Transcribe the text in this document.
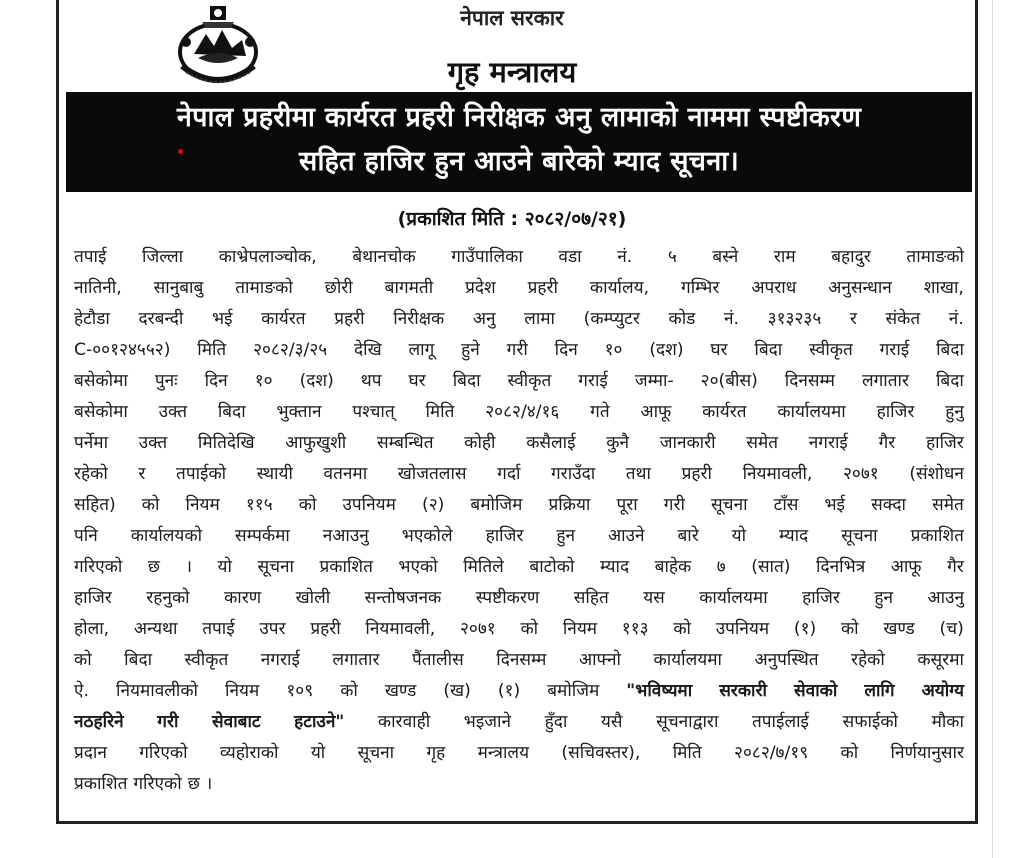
नेपाल सरकार
गृह मन्त्रालय
नेपाल प्रहरीमा कार्यरत प्रहरी निरीक्षक अनु लामाको नाममा स्पष्टीकरण
सहित हाजिर हुन आउने बारेको म्याद सूचना।
(प्रकाशित मिति : २०८२/०७/२१)
तपाई जिल्ला काभ्रेपलाञ्चोक, बेथानचोक गाउँपालिका वडा नं. ५ बस्ने राम बहादुर तामाङको
नातिनी, सानुबाबु तामाङको छोरी बागमती प्रदेश प्रहरी कार्यालय, गम्भिर अपराध अनुसन्धान शाखा,
हेटौडा दरबन्दी भई कार्यरत प्रहरी निरीक्षक अनु लामा (कम्प्युटर कोड नं. ३१३२३५ र संकेत नं.
C-००१२४५५२) मिति २०८२/३/२५ देखि लागू हुने गरी दिन १० (दश) घर बिदा स्वीकृत गराई बिदा
बसेकोमा पुनः दिन १० (दश) थप घर बिदा स्वीकृत गराई जम्मा- २०(बीस) दिनसम्म लगातार बिदा
बसेकोमा उक्त बिदा भुक्तान पश्चात् मिति २०८२/४/१६ गते आफू कार्यरत कार्यालयमा हाजिर हुनु
पर्नेमा उक्त मितिदेखि आफुखुशी सम्बन्धित कोही कसैलाई कुनै जानकारी समेत नगराई गैर हाजिर
रहेको र तपाईको स्थायी वतनमा खोजतलास गर्दा गराउँदा तथा प्रहरी नियमावली, २०७१ (संशोधन
सहित) को नियम ११५ को उपनियम (२) बमोजिम प्रक्रिया पूरा गरी सूचना टाँस भई सक्दा समेत
पनि कार्यालयको सम्पर्कमा नआउनु भएकोले हाजिर हुन आउने बारे यो म्याद सूचना प्रकाशित
गरिएको छ । यो सूचना प्रकाशित भएको मितिले बाटोको म्याद बाहेक ७ (सात) दिनभित्र आफू गैर
हाजिर रहनुको कारण खोली सन्तोषजनक स्पष्टीकरण सहित यस कार्यालयमा हाजिर हुन आउनु
होला, अन्यथा तपाई उपर प्रहरी नियमावली, २०७१ को नियम ११३ को उपनियम (१) को खण्ड (च)
को बिदा स्वीकृत नगराई लगातार पैंतालीस दिनसम्म आफ्नो कार्यालयमा अनुपस्थित रहेको कसूरमा
ऐ. नियमावलीको नियम १०९ को खण्ड (ख) (१) बमोजिम "भविष्यमा सरकारी सेवाको लागि अयोग्य
नठहरिने गरी सेवाबाट हटाउने" कारवाही भइजाने हुँदा यसै सूचनाद्वारा तपाईलाई सफाईको मौका
प्रदान गरिएको व्यहोराको यो सूचना गृह मन्त्रालय (सचिवस्तर), मिति २०८२/७/१९ को निर्णयानुसार
प्रकाशित गरिएको छ ।
